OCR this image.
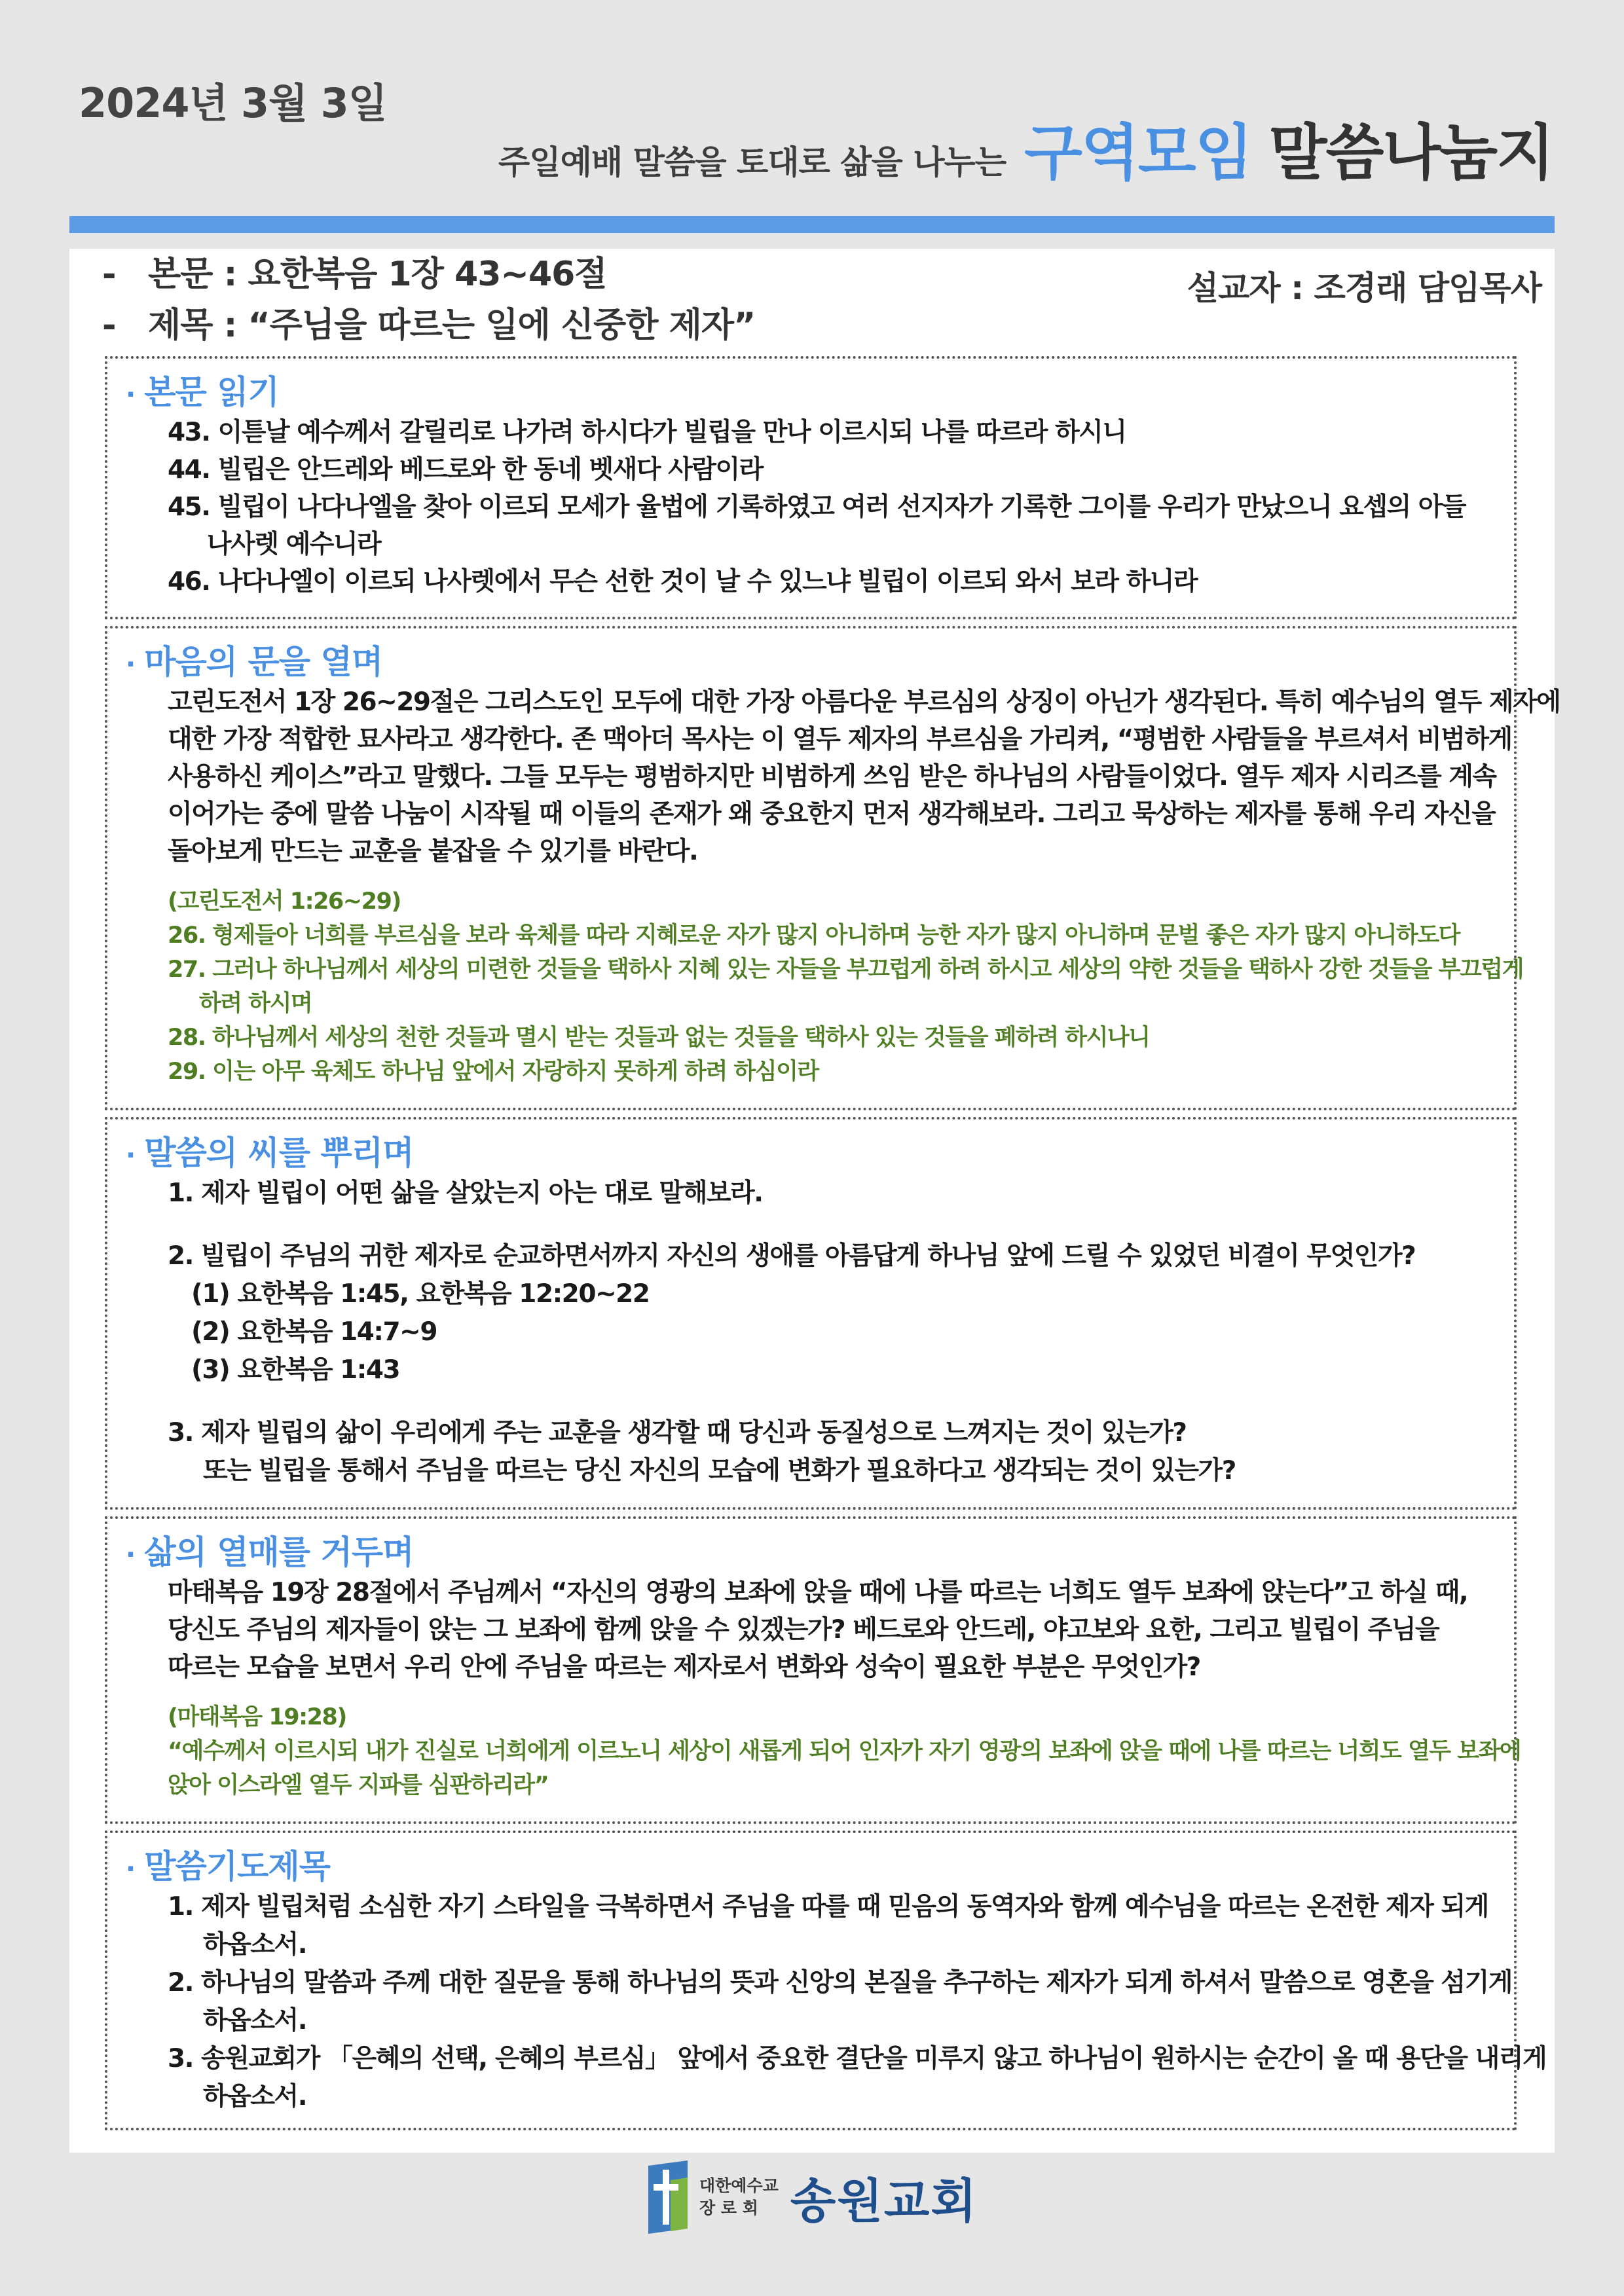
2024년 3월 3일
주일예배 말씀을 토대로 삶을 나누는 구역모임 말씀나눔지
- 본문 : 요한복음 1장 43~46절
- 제목 : “주님을 따르는 일에 신중한 제자”
설교자 : 조경래 담임목사
· 본문 읽기
43. 이튿날 예수께서 갈릴리로 나가려 하시다가 빌립을 만나 이르시되 나를 따르라 하시니
44. 빌립은 안드레와 베드로와 한 동네 벳새다 사람이라
45. 빌립이 나다나엘을 찾아 이르되 모세가 율법에 기록하였고 여러 선지자가 기록한 그이를 우리가 만났으니 요셉의 아들
나사렛 예수니라
46. 나다나엘이 이르되 나사렛에서 무슨 선한 것이 날 수 있느냐 빌립이 이르되 와서 보라 하니라
· 마음의 문을 열며
고린도전서 1장 26~29절은 그리스도인 모두에 대한 가장 아름다운 부르심의 상징이 아닌가 생각된다. 특히 예수님의 열두 제자에
대한 가장 적합한 묘사라고 생각한다. 존 맥아더 목사는 이 열두 제자의 부르심을 가리켜, “평범한 사람들을 부르셔서 비범하게
사용하신 케이스”라고 말했다. 그들 모두는 평범하지만 비범하게 쓰임 받은 하나님의 사람들이었다. 열두 제자 시리즈를 계속
이어가는 중에 말씀 나눔이 시작될 때 이들의 존재가 왜 중요한지 먼저 생각해보라. 그리고 묵상하는 제자를 통해 우리 자신을
돌아보게 만드는 교훈을 붙잡을 수 있기를 바란다.
(고린도전서 1:26~29)
26. 형제들아 너희를 부르심을 보라 육체를 따라 지혜로운 자가 많지 아니하며 능한 자가 많지 아니하며 문벌 좋은 자가 많지 아니하도다
27. 그러나 하나님께서 세상의 미련한 것들을 택하사 지혜 있는 자들을 부끄럽게 하려 하시고 세상의 약한 것들을 택하사 강한 것들을 부끄럽게
하려 하시며
28. 하나님께서 세상의 천한 것들과 멸시 받는 것들과 없는 것들을 택하사 있는 것들을 폐하려 하시나니
29. 이는 아무 육체도 하나님 앞에서 자랑하지 못하게 하려 하심이라
· 말씀의 씨를 뿌리며
1. 제자 빌립이 어떤 삶을 살았는지 아는 대로 말해보라.
2. 빌립이 주님의 귀한 제자로 순교하면서까지 자신의 생애를 아름답게 하나님 앞에 드릴 수 있었던 비결이 무엇인가?
(1) 요한복음 1:45, 요한복음 12:20~22
(2) 요한복음 14:7~9
(3) 요한복음 1:43
3. 제자 빌립의 삶이 우리에게 주는 교훈을 생각할 때 당신과 동질성으로 느껴지는 것이 있는가?
또는 빌립을 통해서 주님을 따르는 당신 자신의 모습에 변화가 필요하다고 생각되는 것이 있는가?
· 삶의 열매를 거두며
마태복음 19장 28절에서 주님께서 “자신의 영광의 보좌에 앉을 때에 나를 따르는 너희도 열두 보좌에 앉는다”고 하실 때,
당신도 주님의 제자들이 앉는 그 보좌에 함께 앉을 수 있겠는가? 베드로와 안드레, 야고보와 요한, 그리고 빌립이 주님을
따르는 모습을 보면서 우리 안에 주님을 따르는 제자로서 변화와 성숙이 필요한 부분은 무엇인가?
(마태복음 19:28)
“예수께서 이르시되 내가 진실로 너희에게 이르노니 세상이 새롭게 되어 인자가 자기 영광의 보좌에 앉을 때에 나를 따르는 너희도 열두 보좌에
앉아 이스라엘 열두 지파를 심판하리라”
· 말씀기도제목
1. 제자 빌립처럼 소심한 자기 스타일을 극복하면서 주님을 따를 때 믿음의 동역자와 함께 예수님을 따르는 온전한 제자 되게
하옵소서.
2. 하나님의 말씀과 주께 대한 질문을 통해 하나님의 뜻과 신앙의 본질을 추구하는 제자가 되게 하셔서 말씀으로 영혼을 섬기게
하옵소서.
3. 송원교회가 「은혜의 선택, 은혜의 부르심」 앞에서 중요한 결단을 미루지 않고 하나님이 원하시는 순간이 올 때 용단을 내리게
하옵소서.
대한예수교
장 로 회 송원교회
